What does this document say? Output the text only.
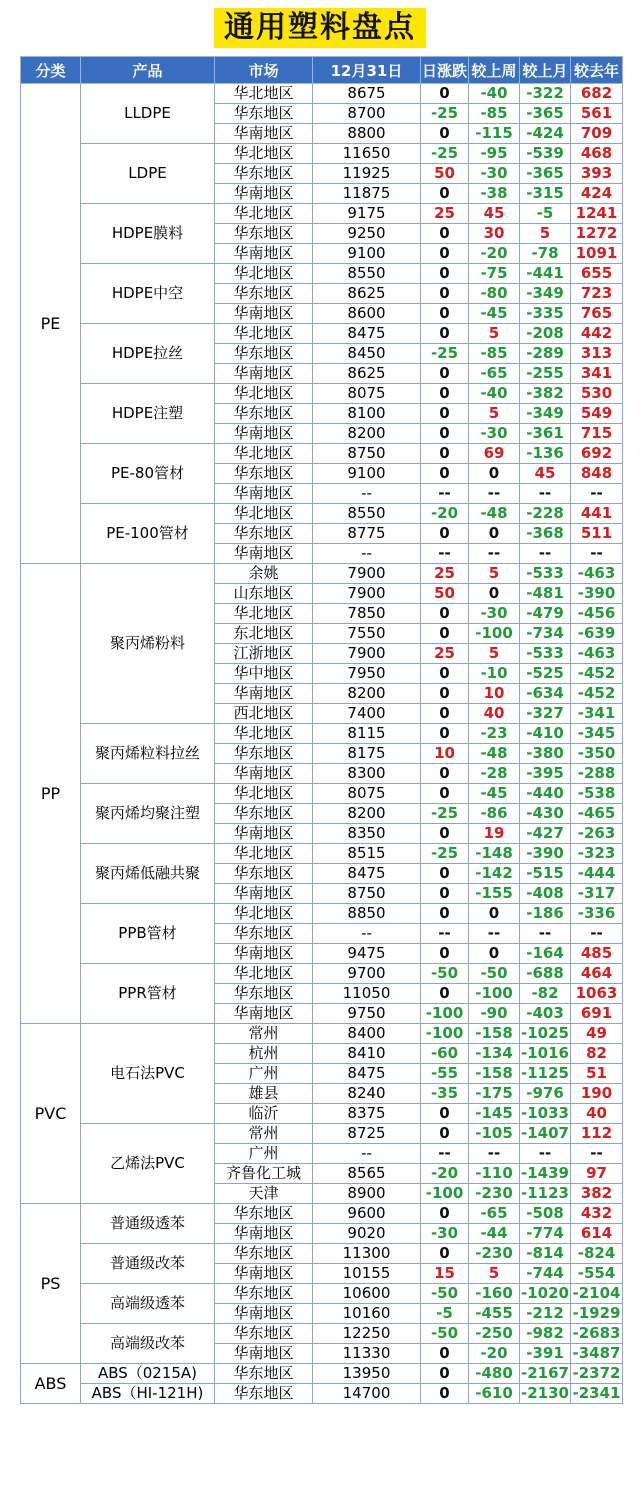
通用塑料盘点
分类	产品	市场	12月31日	日涨跌	较上周	较上月	较去年
PE	LLDPE	华北地区	8675	0	-40	-322	682
		华东地区	8700	-25	-85	-365	561
		华南地区	8800	0	-115	-424	709
	LDPE	华北地区	11650	-25	-95	-539	468
		华东地区	11925	50	-30	-365	393
		华南地区	11875	0	-38	-315	424
	HDPE膜料	华北地区	9175	25	45	-5	1241
		华东地区	9250	0	30	5	1272
		华南地区	9100	0	-20	-78	1091
	HDPE中空	华北地区	8550	0	-75	-441	655
		华东地区	8625	0	-80	-349	723
		华南地区	8600	0	-45	-335	765
	HDPE拉丝	华北地区	8475	0	5	-208	442
		华东地区	8450	-25	-85	-289	313
		华南地区	8625	0	-65	-255	341
	HDPE注塑	华北地区	8075	0	-40	-382	530
		华东地区	8100	0	5	-349	549
		华南地区	8200	0	-30	-361	715
	PE-80管材	华北地区	8750	0	69	-136	692
		华东地区	9100	0	0	45	848
		华南地区	--	--	--	--	--
	PE-100管材	华北地区	8550	-20	-48	-228	441
		华东地区	8775	0	0	-368	511
		华南地区	--	--	--	--	--
PP	聚丙烯粉料	余姚	7900	25	5	-533	-463
		山东地区	7900	50	0	-481	-390
		华北地区	7850	0	-30	-479	-456
		东北地区	7550	0	-100	-734	-639
		江浙地区	7900	25	5	-533	-463
		华中地区	7950	0	-10	-525	-452
		华南地区	8200	0	10	-634	-452
		西北地区	7400	0	40	-327	-341
	聚丙烯粒料拉丝	华北地区	8115	0	-23	-410	-345
		华东地区	8175	10	-48	-380	-350
		华南地区	8300	0	-28	-395	-288
	聚丙烯均聚注塑	华北地区	8075	0	-45	-440	-538
		华东地区	8200	-25	-86	-430	-465
		华南地区	8350	0	19	-427	-263
	聚丙烯低融共聚	华北地区	8515	-25	-148	-390	-323
		华东地区	8475	0	-142	-515	-444
		华南地区	8750	0	-155	-408	-317
	PPB管材	华北地区	8850	0	0	-186	-336
		华东地区	--	--	--	--	--
		华南地区	9475	0	0	-164	485
	PPR管材	华北地区	9700	-50	-50	-688	464
		华东地区	11050	0	-100	-82	1063
		华南地区	9750	-100	-90	-403	691
PVC	电石法PVC	常州	8400	-100	-158	-1025	49
		杭州	8410	-60	-134	-1016	82
		广州	8475	-55	-158	-1125	51
		雄县	8240	-35	-175	-976	190
		临沂	8375	0	-145	-1033	40
	乙烯法PVC	常州	8725	0	-105	-1407	112
		广州	--	--	--	--	--
		齐鲁化工城	8565	-20	-110	-1439	97
		天津	8900	-100	-230	-1123	382
PS	普通级透苯	华东地区	9600	0	-65	-508	432
		华南地区	9020	-30	-44	-774	614
	普通级改苯	华东地区	11300	0	-230	-814	-824
		华南地区	10155	15	5	-744	-554
	高端级透苯	华东地区	10600	-50	-160	-1020	-2104
		华南地区	10160	-5	-455	-212	-1929
	高端级改苯	华东地区	12250	-50	-250	-982	-2683
		华南地区	11330	0	-20	-391	-3487
ABS	ABS（0215A)	华东地区	13950	0	-480	-2167	-2372
	ABS（HI-121H)	华东地区	14700	0	-610	-2130	-2341
